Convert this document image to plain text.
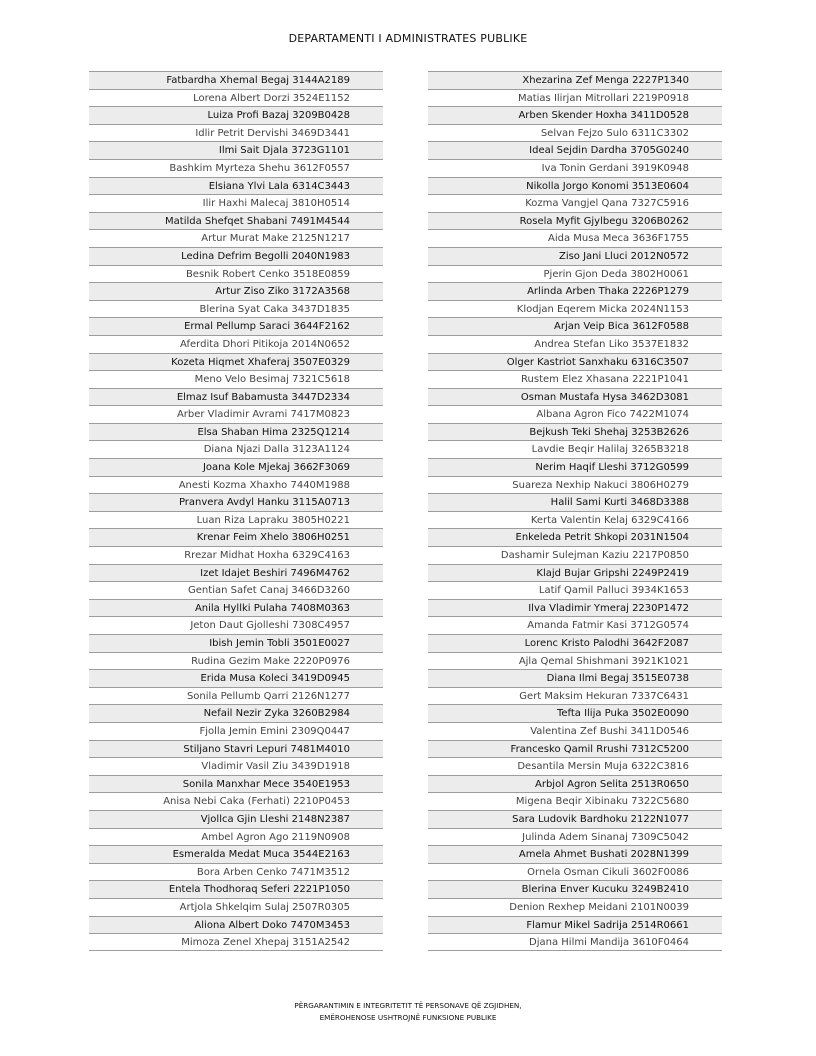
DEPARTAMENTI I ADMINISTRATES PUBLIKE
Fatbardha Xhemal Begaj 3144A2189
Lorena Albert Dorzi 3524E1152
Luiza Profi Bazaj 3209B0428
Idlir Petrit Dervishi 3469D3441
Ilmi Sait Djala 3723G1101
Bashkim Myrteza Shehu 3612F0557
Elsiana Ylvi Lala 6314C3443
Ilir Haxhi Malecaj 3810H0514
Matilda Shefqet Shabani 7491M4544
Artur Murat Make 2125N1217
Ledina Defrim Begolli 2040N1983
Besnik Robert Cenko 3518E0859
Artur Ziso Ziko 3172A3568
Blerina Syat Caka 3437D1835
Ermal Pellump Saraci 3644F2162
Aferdita Dhori Pitikoja 2014N0652
Kozeta Hiqmet Xhaferaj 3507E0329
Meno Velo Besimaj 7321C5618
Elmaz Isuf Babamusta 3447D2334
Arber Vladimir Avrami 7417M0823
Elsa Shaban Hima 2325Q1214
Diana Njazi Dalla 3123A1124
Joana Kole Mjekaj 3662F3069
Anesti Kozma Xhaxho 7440M1988
Pranvera Avdyl Hanku 3115A0713
Luan Riza Lapraku 3805H0221
Krenar Feim Xhelo 3806H0251
Rrezar Midhat Hoxha 6329C4163
Izet Idajet Beshiri 7496M4762
Gentian Safet Canaj 3466D3260
Anila Hyllki Pulaha 7408M0363
Jeton Daut Gjolleshi 7308C4957
Ibish Jemin Tobli 3501E0027
Rudina Gezim Make 2220P0976
Erida Musa Koleci 3419D0945
Sonila Pellumb Qarri 2126N1277
Nefail Nezir Zyka 3260B2984
Fjolla Jemin Emini 2309Q0447
Stiljano Stavri Lepuri 7481M4010
Vladimir Vasil Ziu 3439D1918
Sonila Manxhar Mece 3540E1953
Anisa Nebi Caka (Ferhati) 2210P0453
Vjollca Gjin Lleshi 2148N2387
Ambel Agron Ago 2119N0908
Esmeralda Medat Muca 3544E2163
Bora Arben Cenko 7471M3512
Entela Thodhoraq Seferi 2221P1050
Artjola Shkelqim Sulaj 2507R0305
Aliona Albert Doko 7470M3453
Mimoza Zenel Xhepaj 3151A2542
Xhezarina Zef Menga 2227P1340
Matias Ilirjan Mitrollari 2219P0918
Arben Skender Hoxha 3411D0528
Selvan Fejzo Sulo 6311C3302
Ideal Sejdin Dardha 3705G0240
Iva Tonin Gerdani 3919K0948
Nikolla Jorgo Konomi 3513E0604
Kozma Vangjel Qana 7327C5916
Rosela Myfit Gjylbegu 3206B0262
Aida Musa Meca 3636F1755
Ziso Jani Lluci 2012N0572
Pjerin Gjon Deda 3802H0061
Arlinda Arben Thaka 2226P1279
Klodjan Eqerem Micka 2024N1153
Arjan Veip Bica 3612F0588
Andrea Stefan Liko 3537E1832
Olger Kastriot Sanxhaku 6316C3507
Rustem Elez Xhasana 2221P1041
Osman Mustafa Hysa 3462D3081
Albana Agron Fico 7422M1074
Bejkush Teki Shehaj 3253B2626
Lavdie Beqir Halilaj 3265B3218
Nerim Haqif Lleshi 3712G0599
Suareza Nexhip Nakuci 3806H0279
Halil Sami Kurti 3468D3388
Kerta Valentin Kelaj 6329C4166
Enkeleda Petrit Shkopi 2031N1504
Dashamir Sulejman Kaziu 2217P0850
Klajd Bujar Gripshi 2249P2419
Latif Qamil Palluci 3934K1653
Ilva Vladimir Ymeraj 2230P1472
Amanda Fatmir Kasi 3712G0574
Lorenc Kristo Palodhi 3642F2087
Ajla Qemal Shishmani 3921K1021
Diana Ilmi Begaj 3515E0738
Gert Maksim Hekuran 7337C6431
Tefta Ilija Puka 3502E0090
Valentina Zef Bushi 3411D0546
Francesko Qamil Rrushi 7312C5200
Desantila Mersin Muja 6322C3816
Arbjol Agron Selita 2513R0650
Migena Beqir Xibinaku 7322C5680
Sara Ludovik Bardhoku 2122N1077
Julinda Adem Sinanaj 7309C5042
Amela Ahmet Bushati 2028N1399
Ornela Osman Cikuli 3602F0086
Blerina Enver Kucuku 3249B2410
Denion Rexhep Meidani 2101N0039
Flamur Mikel Sadrija 2514R0661
Djana Hilmi Mandija 3610F0464
PËRGARANTIMIN E INTEGRITETIT TË PERSONAVE QË ZGJIDHEN,
EMËROHENOSE USHTROJNË FUNKSIONE PUBLIKE
